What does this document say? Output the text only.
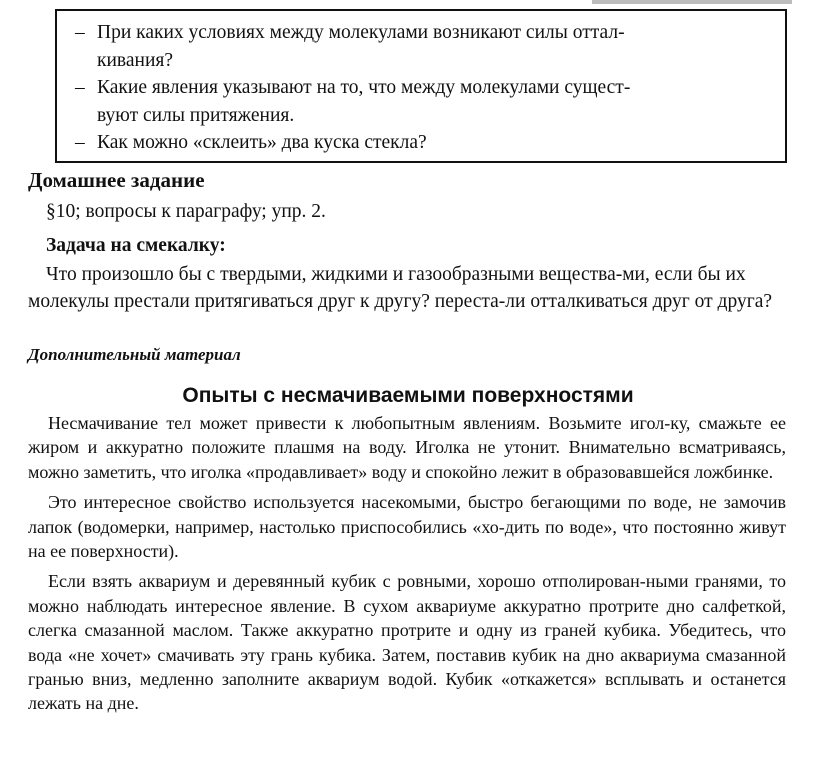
– При каких условиях между молекулами возникают силы оттал-
кивания?

– Какие явления указывают на то, что между молекулами сущест-
вуют силы притяжения.

– Как можно «склеить» два куска стекла?

Домашнее задание

§10; вопросы к параграфу; упр. 2.

Задача на смекалку:

Что произошло бы с твердыми, жидкими и газообразными вещества-ми, если бы их молекулы престали притягиваться друг к другу? переста-ли отталкиваться друг от друга?

Дополнительный материал
Опыты с несмачиваемыми поверхностями

Несмачивание тел может привести к любопытным явлениям. Возьмите игол-ку, смажьте ее жиром и аккуратно положите плашмя на воду. Иголка не утонит. Внимательно всматриваясь, можно заметить, что иголка «продавливает» воду и спокойно лежит в образовавшейся ложбинке.

Это интересное свойство используется насекомыми, быстро бегающими по воде, не замочив лапок (водомерки, например, настолько приспособились «хо-дить по воде», что постоянно живут на ее поверхности).

Если взять аквариум и деревянный кубик с ровными, хорошо отполирован-ными гранями, то можно наблюдать интересное явление. В сухом аквариуме аккуратно протрите дно салфеткой, слегка смазанной маслом. Также аккуратно протрите и одну из граней кубика. Убедитесь, что вода «не хочет» смачивать эту грань кубика. Затем, поставив кубик на дно аквариума смазанной гранью вниз, медленно заполните аквариум водой. Кубик «откажется» всплывать и останется лежать на дне.
